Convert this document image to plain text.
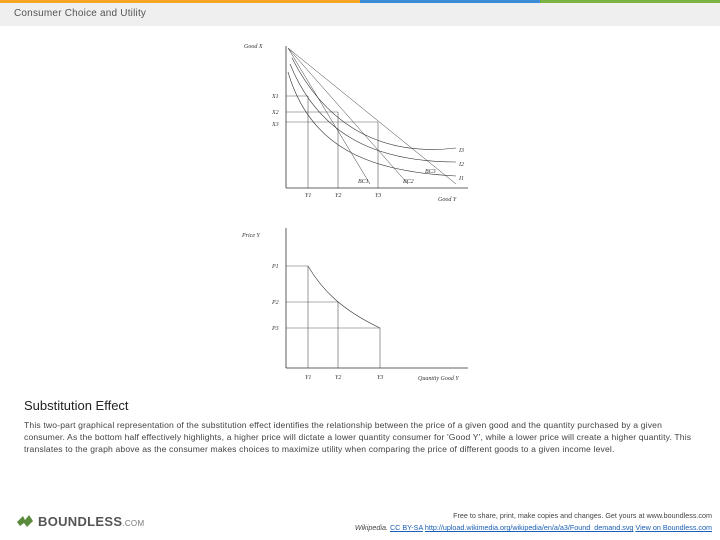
Consumer Choice and Utility
Good X
Good Y
X1
X2
X3
Y1	Y2	Y3
I3
I2
I1
BC1	BC2
BC3
Price Y
Quantity Good Y
P1
P2
P3
Y1	Y2	Y3
Substitution Effect
This two-part graphical representation of the substitution effect identifies the relationship between the price of a given good and the quantity purchased by a given consumer. As the bottom half effectively highlights, a higher price will dictate a lower quantity consumer for 'Good Y', while a lower price will create a higher quantity. This translates to the graph above as the consumer makes choices to maximize utility when comparing the price of different goods to a given income level.
BOUNDLESS.COM
Free to share, print, make copies and changes. Get yours at www.boundless.com
Wikipedia. CC BY-SA http://upload.wikimedia.org/wikipedia/en/a/a3/Found_demand.svg View on Boundless.com
